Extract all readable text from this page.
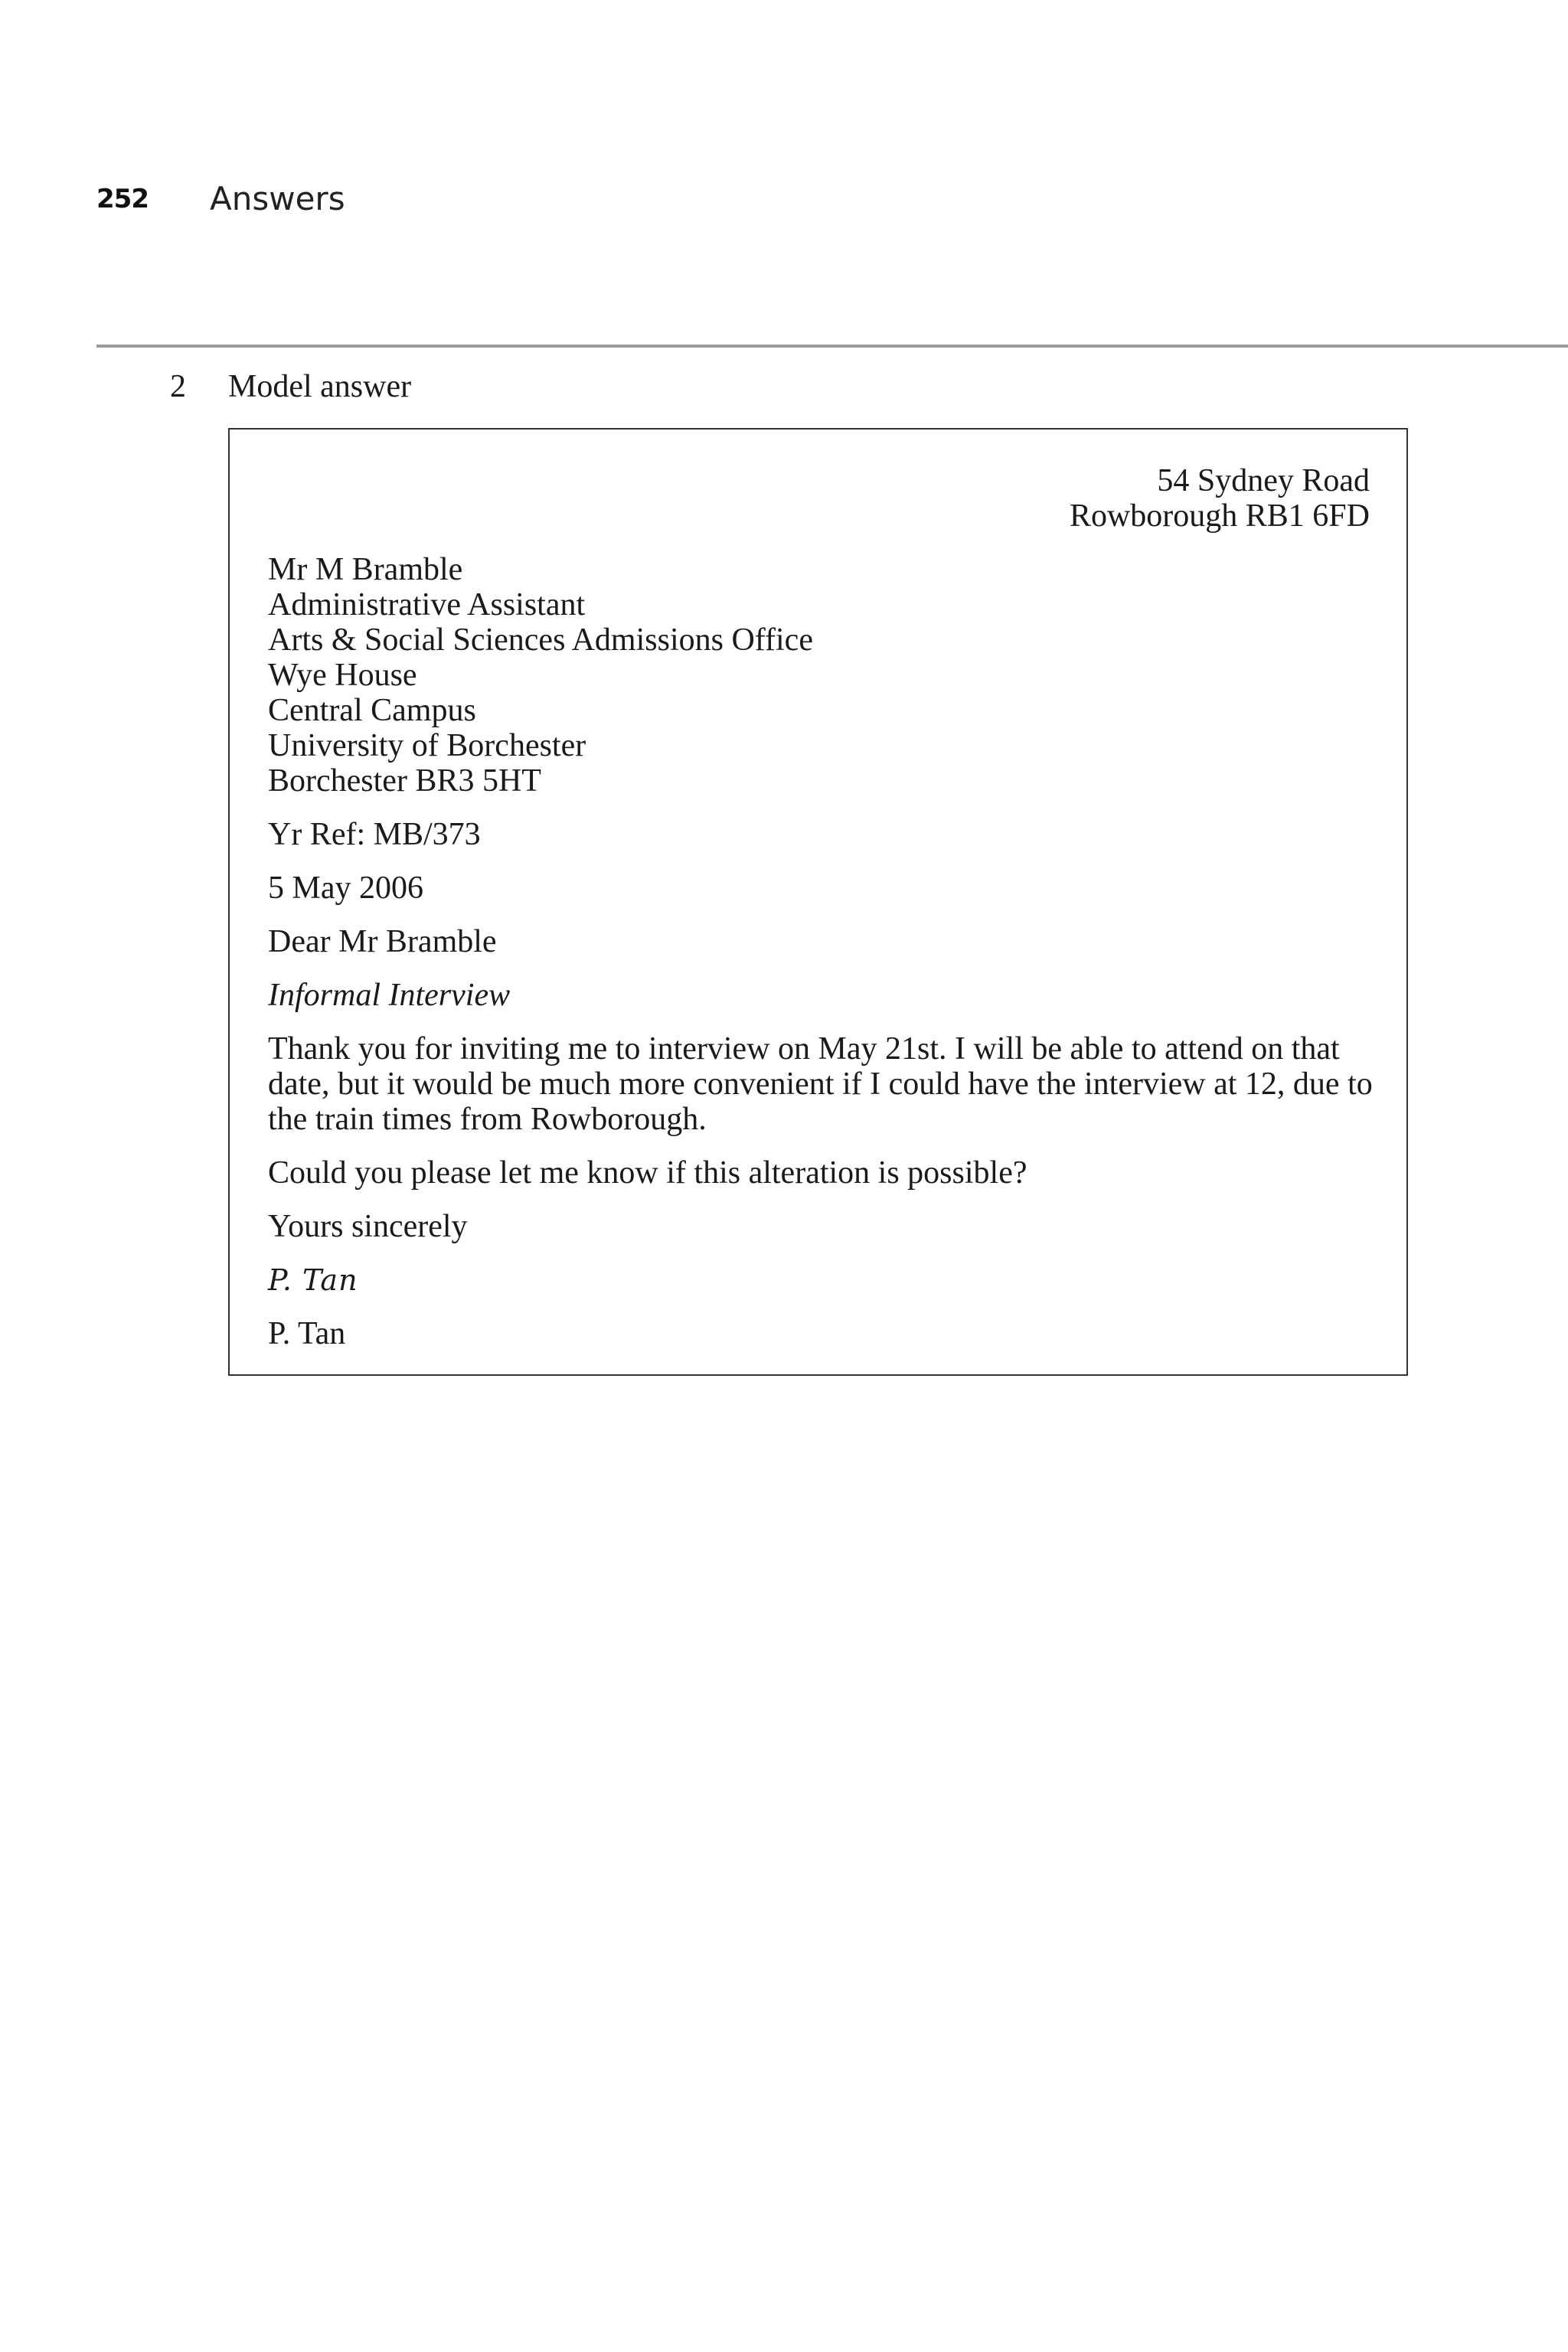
252 Answers
2 Model answer
54 Sydney Road
Rowborough RB1 6FD
Mr M Bramble
Administrative Assistant
Arts & Social Sciences Admissions Office
Wye House
Central Campus
University of Borchester
Borchester BR3 5HT

Yr Ref: MB/373

5 May 2006

Dear Mr Bramble

Informal Interview

Thank you for inviting me to interview on May 21st. I will be able to attend on that date, but it would be much more convenient if I could have the interview at 12, due to the train times from Rowborough.

Could you please let me know if this alteration is possible?

Yours sincerely

P. Tan

P. Tan
